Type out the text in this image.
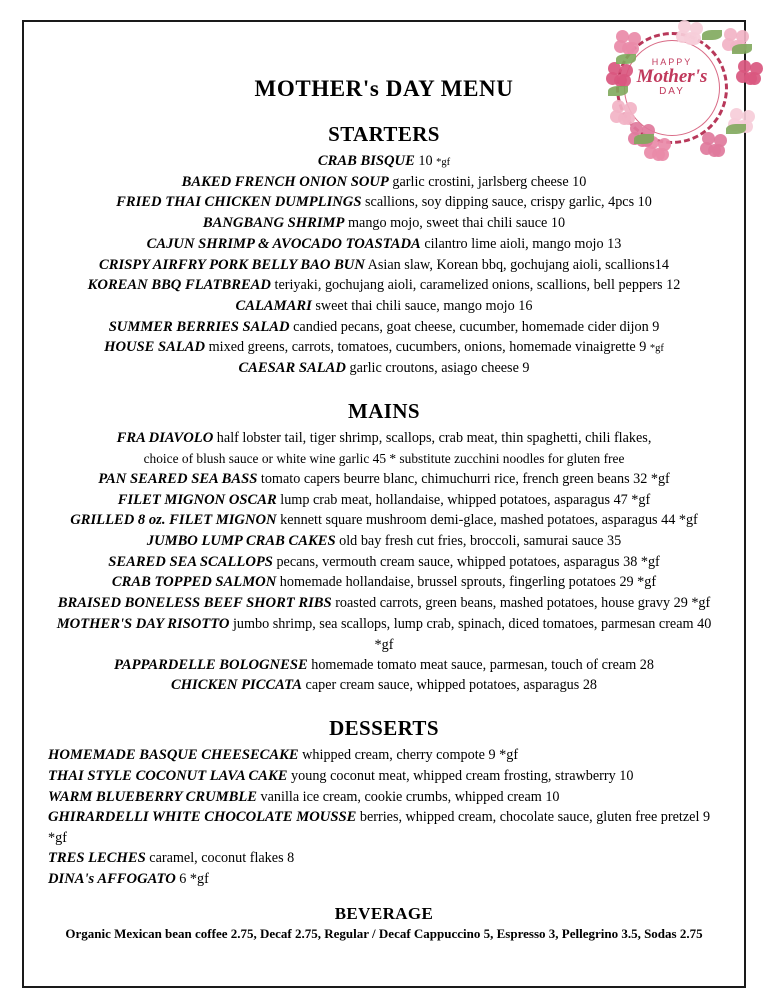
MOTHER's DAY MENU
STARTERS
CRAB BISQUE 10 *gf
BAKED FRENCH ONION SOUP garlic crostini, jarlsberg cheese 10
FRIED THAI CHICKEN DUMPLINGS scallions, soy dipping sauce, crispy garlic, 4pcs 10
BANGBANG SHRIMP mango mojo, sweet thai chili sauce 10
CAJUN SHRIMP & AVOCADO TOASTADA cilantro lime aioli, mango mojo 13
CRISPY AIRFRY PORK BELLY BAO BUN Asian slaw, Korean bbq, gochujang aioli, scallions14
KOREAN BBQ FLATBREAD teriyaki, gochujang aioli, caramelized onions, scallions, bell peppers 12
CALAMARI sweet thai chili sauce, mango mojo 16
SUMMER BERRIES SALAD candied pecans, goat cheese, cucumber, homemade cider dijon 9
HOUSE SALAD mixed greens, carrots, tomatoes, cucumbers, onions, homemade vinaigrette 9 *gf
CAESAR SALAD garlic croutons, asiago cheese 9
MAINS
FRA DIAVOLO half lobster tail, tiger shrimp, scallops, crab meat, thin spaghetti, chili flakes,
choice of blush sauce or white wine garlic 45 * substitute zucchini noodles for gluten free
PAN SEARED SEA BASS tomato capers beurre blanc, chimuchurri rice, french green beans 32 *gf
FILET MIGNON OSCAR lump crab meat, hollandaise, whipped potatoes, asparagus 47 *gf
GRILLED 8 oz. FILET MIGNON kennett square mushroom demi-glace, mashed potatoes, asparagus 44 *gf
JUMBO LUMP CRAB CAKES old bay fresh cut fries, broccoli, samurai sauce 35
SEARED SEA SCALLOPS pecans, vermouth cream sauce, whipped potatoes, asparagus 38 *gf
CRAB TOPPED SALMON homemade hollandaise, brussel sprouts, fingerling potatoes 29 *gf
BRAISED BONELESS BEEF SHORT RIBS roasted carrots, green beans, mashed potatoes, house gravy 29 *gf
MOTHER'S DAY RISOTTO jumbo shrimp, sea scallops, lump crab, spinach, diced tomatoes, parmesan cream 40 *gf
PAPPARDELLE BOLOGNESE homemade tomato meat sauce, parmesan, touch of cream 28
CHICKEN PICCATA caper cream sauce, whipped potatoes, asparagus 28
DESSERTS
HOMEMADE BASQUE CHEESECAKE whipped cream, cherry compote 9 *gf
THAI STYLE COCONUT LAVA CAKE young coconut meat, whipped cream frosting, strawberry 10
WARM BLUEBERRY CRUMBLE vanilla ice cream, cookie crumbs, whipped cream 10
GHIRARDELLI WHITE CHOCOLATE MOUSSE berries, whipped cream, chocolate sauce, gluten free pretzel 9 *gf
TRES LECHES caramel, coconut flakes 8
DINA's AFFOGATO 6 *gf
BEVERAGE
Organic Mexican bean coffee 2.75, Decaf 2.75, Regular / Decaf Cappuccino 5, Espresso 3, Pellegrino 3.5, Sodas 2.75
HAPPY
Mother's
DAY
